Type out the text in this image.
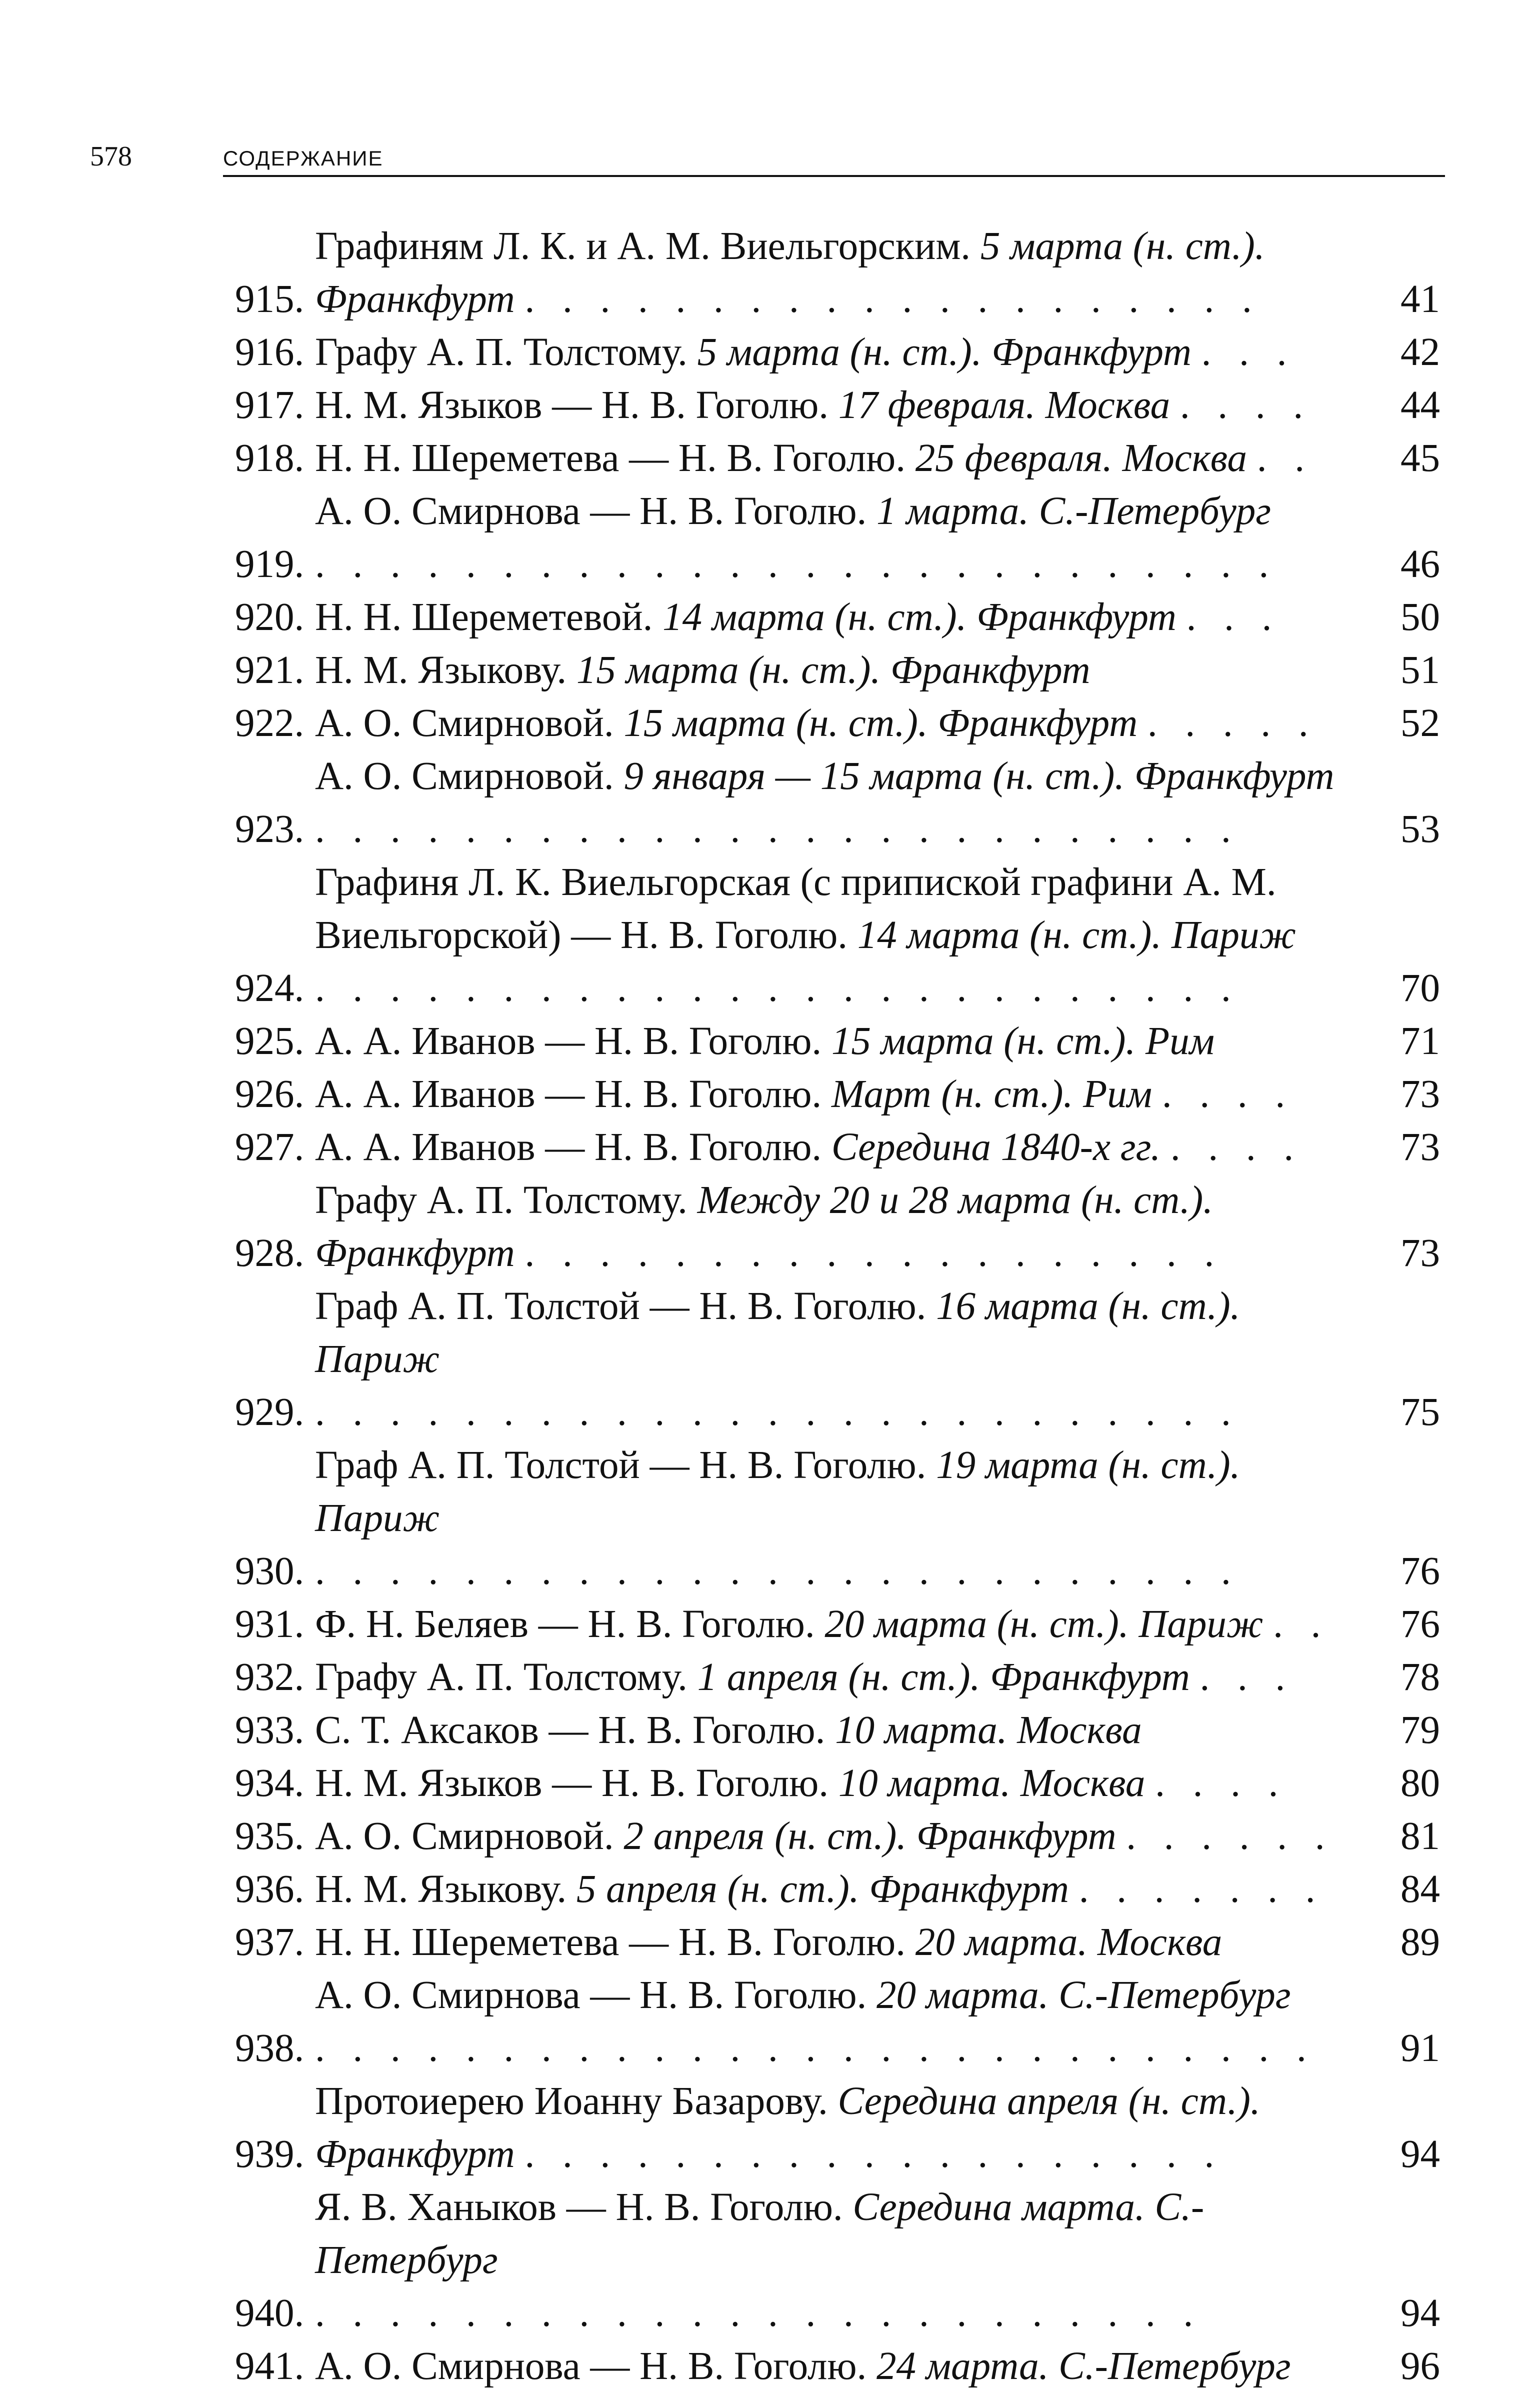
578	СОДЕРЖАНИЕ
915.
Графиням Л. К. и А. М. Виельгорским. 5 марта (н. ст.). Франкфурт . . . . . . . . . . . . . . . . . . . .	41
916. Графу А. П. Толстому. 5 марта (н. ст.). Франкфурт . . .	42
917. Н. М. Языков — Н. В. Гоголю. 17 февраля. Москва . . . .	44
918. Н. Н. Шереметева — Н. В. Гоголю. 25 февраля. Москва . .	45
919.
А. О. Смирнова — Н. В. Гоголю. 1 марта. С.-Петербург . . . . . . . . . . . . . . . . . . . . . . . . . .	46
920. Н. Н. Шереметевой. 14 марта (н. ст.). Франкфурт . . .	50
921. Н. М. Языкову. 15 марта (н. ст.). Франкфурт	51
922. А. О. Смирновой. 15 марта (н. ст.). Франкфурт . . . . .	52
923.
А. О. Смирновой. 9 января — 15 марта (н. ст.). Франкфурт . . . . . . . . . . . . . . . . . . . . . . . . .	53
924.
Графиня Л. К. Виельгорская (с припиской графини А. М. Виельгорской) — Н. В. Гоголю. 14 марта (н. ст.). Париж . . . . . . . . . . . . . . . . . . . . . . . . .	70
925. А. А. Иванов — Н. В. Гоголю. 15 марта (н. ст.). Рим	71
926. А. А. Иванов — Н. В. Гоголю. Март (н. ст.). Рим . . . .	73
927. А. А. Иванов — Н. В. Гоголю. Середина 1840-х гг. . . . .	73
928.
Графу А. П. Толстому. Между 20 и 28 марта (н. ст.). Франкфурт . . . . . . . . . . . . . . . . . . .	73
929.
Граф А. П. Толстой — Н. В. Гоголю. 16 марта (н. ст.). Париж . . . . . . . . . . . . . . . . . . . . . . . . .	75
930.
Граф А. П. Толстой — Н. В. Гоголю. 19 марта (н. ст.). Париж . . . . . . . . . . . . . . . . . . . . . . . . .	76
931. Ф. Н. Беляев — Н. В. Гоголю. 20 марта (н. ст.). Париж . .	76
932. Графу А. П. Толстому. 1 апреля (н. ст.). Франкфурт . . .	78
933. С. Т. Аксаков — Н. В. Гоголю. 10 марта. Москва	79
934. Н. М. Языков — Н. В. Гоголю. 10 марта. Москва . . . .	80
935. А. О. Смирновой. 2 апреля (н. ст.). Франкфурт . . . . . .	81
936. Н. М. Языкову. 5 апреля (н. ст.). Франкфурт . . . . . . .	84
937. Н. Н. Шереметева — Н. В. Гоголю. 20 марта. Москва	89
938.
А. О. Смирнова — Н. В. Гоголю. 20 марта. С.-Петербург . . . . . . . . . . . . . . . . . . . . . . . . . . .	91
939.
Протоиерею Иоанну Базарову. Середина апреля (н. ст.). Франкфурт . . . . . . . . . . . . . . . . . . .	94
940.
Я. В. Ханыков — Н. В. Гоголю. Середина марта. С.-Петербург . . . . . . . . . . . . . . . . . . . . . . . .	94
941. А. О. Смирнова — Н. В. Гоголю. 24 марта. С.-Петербург	96
